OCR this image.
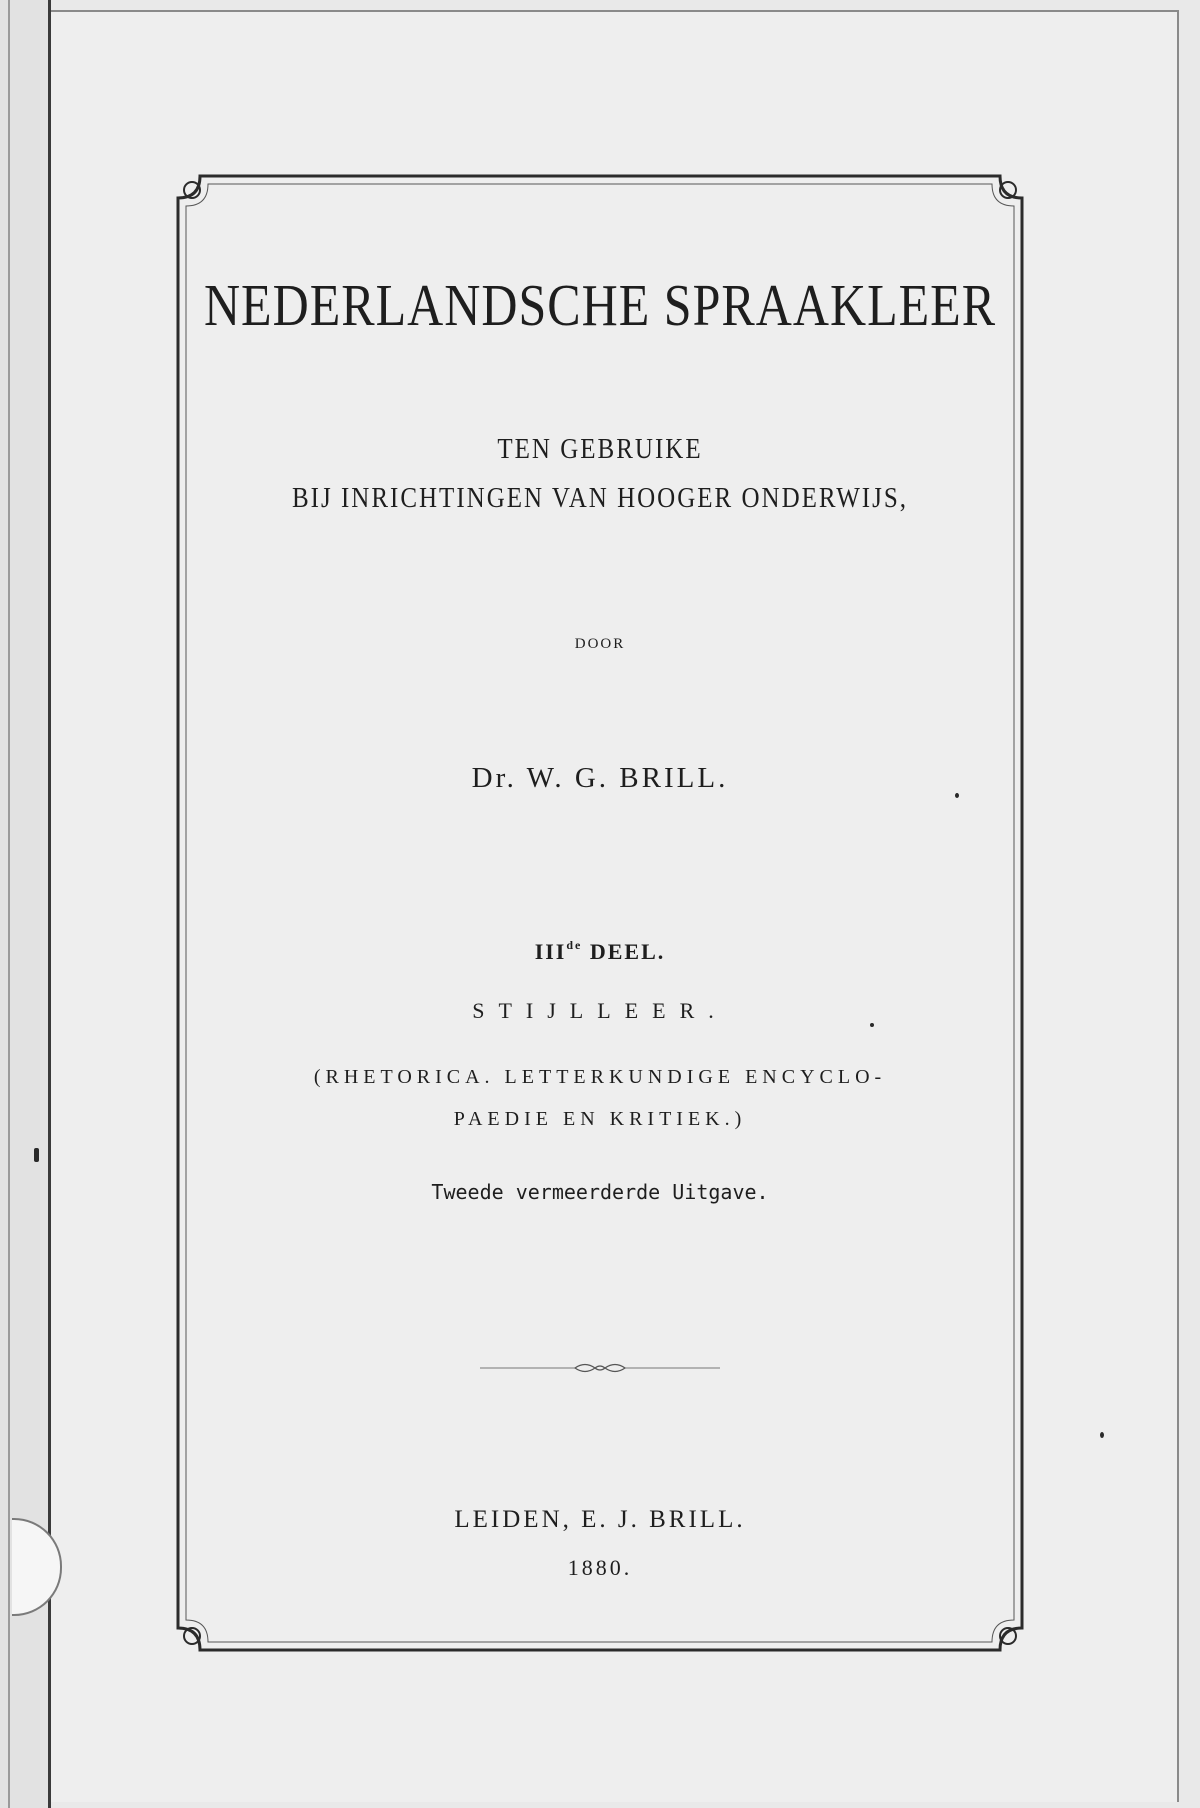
NEDERLANDSCHE SPRAAKLEER
TEN GEBRUIKE
BIJ INRICHTINGEN VAN HOOGER ONDERWIJS,
DOOR
Dr. W. G. BRILL.
IIIde DEEL.
STIJLLEER.
(RHETORICA. LETTERKUNDIGE ENCYCLO-
PAEDIE EN KRITIEK.)
Tweede vermeerderde Uitgave.
LEIDEN, E. J. BRILL.
1880.
